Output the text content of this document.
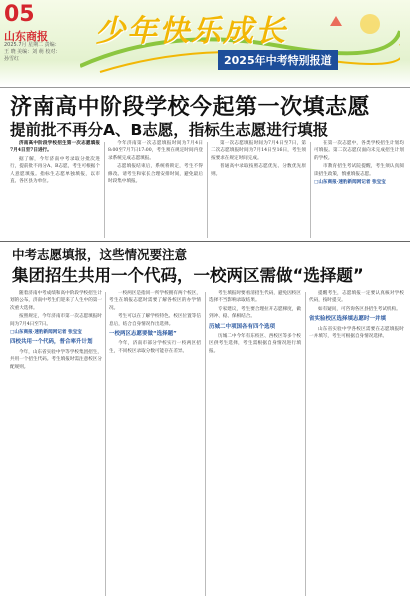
05
山东商报
2025.7月 星期二 责编：王 晓 美编：刘 萌 校对：孙雪红
少年快乐成长
2025年中考特别报道
济南高中阶段学校今起第一次填志愿
提前批不再分A、B志愿，指标生志愿进行填报

济南高中阶段学校招生第一次志愿填报7月4日至7日进行。

据了解，今年济南中考录取分批次进行，提前批不再分A、B志愿，考生可根据个人意愿填报。指标生志愿单独填报，以市直、各区县为单位。

今年济南第一次志愿填报时间为7月4日8:00至7月7日17:00，考生须在规定时间内登录系统完成志愿填报。

志愿填报结束后，系统将锁定，考生不得修改。请考生和家长合理安排时间，避免最后时段集中填报。

第一次志愿填报时间为7月4日至7日，第二次志愿填报时间为7月14日至16日，考生须按要求在规定时间完成。

普通高中录取按照志愿优先、分数优先原则。

在第一次志愿中，各类学校招生计划均可填报。第二次志愿仅面向未完成招生计划的学校。

市教育招生考试院提醒，考生须认真阅读招生政策，慎重填报志愿。

□山东商报·速豹新闻网记者 张宝宝

中考志愿填报，这些情况要注意
集团招生共用一个代码，一校两区需做“选择题”

随着济南中考成绩和高中阶段学校招生计划的公布，济南中考生们迎来了人生中的第一次重大选择。

按照规定，今年济南市第一次志愿填报时间为7月4日至7日。

□山东商报·速豹新闻网记者 张宝宝

四校共用一个代码，普合率升计划

今年，山东省实验中学等学校集团招生，共用一个招生代码。考生填报时需注意校区分配规则。

一校两区是指同一所学校拥有两个校区，考生在填报志愿时需要了解各校区的办学情况。

考生可以在了解学校特色、校区位置等信息后，结合自身情况作出选择。

一校两区志愿要做“选择题”

今年，济南市部分学校实行一校两区招生，不同校区录取分数可能存在差异。

考生填报时要看清招生代码，避免因校区选择不当影响录取结果。

专家建议，考生要合理拉开志愿梯度，做到冲、稳、保相结合。

历城二中项国各有四个选项

历城二中今年有东校区、西校区等多个校区供考生选择，考生需根据自身情况进行填报。

提醒考生，志愿填报一定要认真核对学校代码，按时提交。

如有疑问，可咨询各区县招生考试机构。

省实验校区选择填志愿时一并填

山东省实验中学各校区需要在志愿填报时一并填写，考生可根据自身情况选择。
